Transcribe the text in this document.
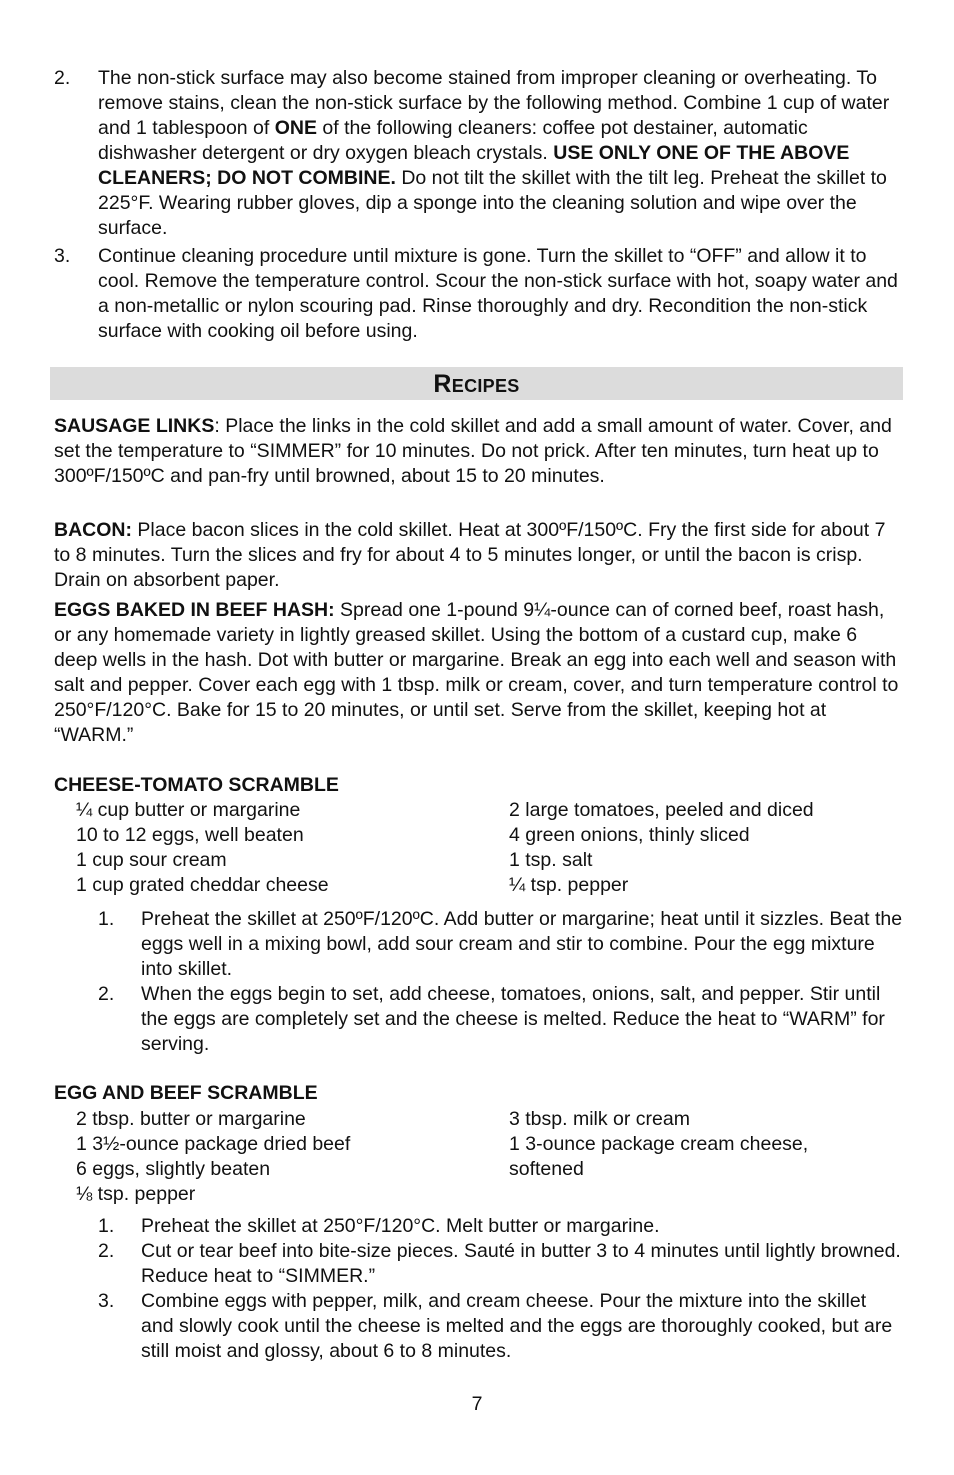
2. The non-stick surface may also become stained from improper cleaning or overheating. To remove stains, clean the non-stick surface by the following method. Combine 1 cup of water and 1 tablespoon of ONE of the following cleaners: coffee pot destainer, automatic dishwasher detergent or dry oxygen bleach crystals. USE ONLY ONE OF THE ABOVE CLEANERS; DO NOT COMBINE. Do not tilt the skillet with the tilt leg. Preheat the skillet to 225°F. Wearing rubber gloves, dip a sponge into the cleaning solution and wipe over the surface.
3. Continue cleaning procedure until mixture is gone. Turn the skillet to “OFF” and allow it to cool. Remove the temperature control. Scour the non-stick surface with hot, soapy water and a non-metallic or nylon scouring pad. Rinse thoroughly and dry. Recondition the non-stick surface with cooking oil before using.
RECIPES
SAUSAGE LINKS: Place the links in the cold skillet and add a small amount of water. Cover, and set the temperature to “SIMMER” for 10 minutes. Do not prick. After ten minutes, turn heat up to 300ºF/150ºC and pan-fry until browned, about 15 to 20 minutes.
BACON: Place bacon slices in the cold skillet. Heat at 300ºF/150ºC. Fry the first side for about 7 to 8 minutes. Turn the slices and fry for about 4 to 5 minutes longer, or until the bacon is crisp. Drain on absorbent paper.
EGGS BAKED IN BEEF HASH: Spread one 1-pound 9¼-ounce can of corned beef, roast hash, or any homemade variety in lightly greased skillet. Using the bottom of a custard cup, make 6 deep wells in the hash. Dot with butter or margarine. Break an egg into each well and season with salt and pepper. Cover each egg with 1 tbsp. milk or cream, cover, and turn temperature control to 250°F/120°C. Bake for 15 to 20 minutes, or until set. Serve from the skillet, keeping hot at “WARM.”
CHEESE-TOMATO SCRAMBLE
¼ cup butter or margarine
10 to 12 eggs, well beaten
1 cup sour cream
1 cup grated cheddar cheese
2 large tomatoes, peeled and diced
4 green onions, thinly sliced
1 tsp. salt
¼ tsp. pepper
1. Preheat the skillet at 250ºF/120ºC. Add butter or margarine; heat until it sizzles. Beat the eggs well in a mixing bowl, add sour cream and stir to combine. Pour the egg mixture into skillet.
2. When the eggs begin to set, add cheese, tomatoes, onions, salt, and pepper. Stir until the eggs are completely set and the cheese is melted. Reduce the heat to “WARM” for serving.
EGG AND BEEF SCRAMBLE
2 tbsp. butter or margarine
1 3½-ounce package dried beef
6 eggs, slightly beaten
⅛ tsp. pepper
3 tbsp. milk or cream
1 3-ounce package cream cheese,
softened
1. Preheat the skillet at 250°F/120°C. Melt butter or margarine.
2. Cut or tear beef into bite-size pieces. Sauté in butter 3 to 4 minutes until lightly browned. Reduce heat to “SIMMER.”
3. Combine eggs with pepper, milk, and cream cheese. Pour the mixture into the skillet and slowly cook until the cheese is melted and the eggs are thoroughly cooked, but are still moist and glossy, about 6 to 8 minutes.
7
